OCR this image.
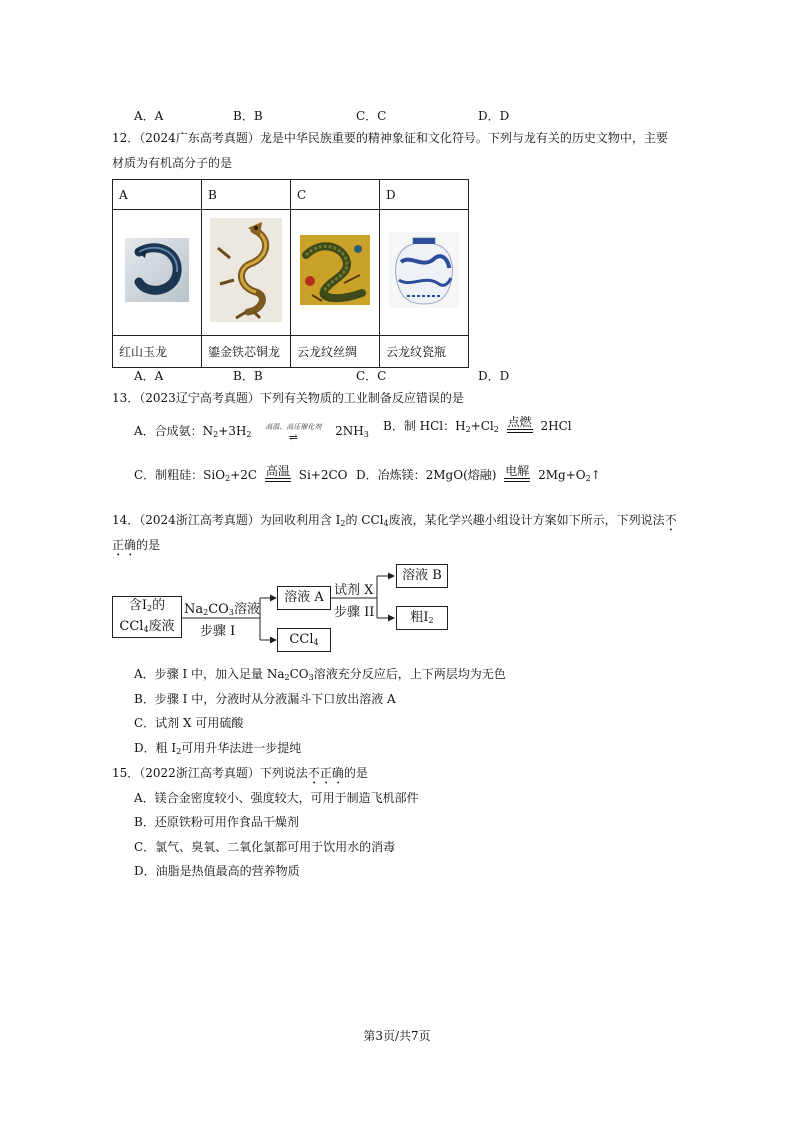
A．A	B．B	C．C	D．D
12．（2024广东高考真题）龙是中华民族重要的精神象征和文化符号。下列与龙有关的历史文物中，主要
材质为有机高分子的是
A	B	C	D

红山玉龙	鎏金铁芯铜龙	云龙纹丝绸	云龙纹瓷瓶
A．A	B．B	C．C	D．D
13．（2023辽宁高考真题）下列有关物质的工业制备反应错误的是
A．合成氨：$N_2+3H_2$
高温、高压催化剂
⇌	$2NH_3$
B．制 HCl：$H_2+Cl_2$
点燃 2HCl
C．制粗硅：SiO$_2$+2C 高温 Si+2CO D．冶炼镁：2MgO(熔融) 电解 $2Mg+O_2↑$
14．（2024浙江高考真题）为回收利用含 $I_2$的 CCl$_4$废液，某化学兴趣小组设计方案如下所示，下列说法不
正确的是
含$I_2$的
CCl$_4$废液
$Na_2CO_3$溶液
步骤 I
溶液 A
CCl$_4$
试剂 X
步骤 II
溶液 B
粗$I_2$
A．步骤 I 中，加入足量 $Na_2CO_3$溶液充分反应后，上下两层均为无色
B．步骤 I 中，分液时从分液漏斗下口放出溶液 A
C．试剂 X 可用硫酸
D．粗 $I_2$可用升华法进一步提纯
15．（2022浙江高考真题）下列说法不正确的是
A．镁合金密度较小、强度较大，可用于制造飞机部件
B．还原铁粉可用作食品干燥剂
C．氯气、臭氧、二氧化氯都可用于饮用水的消毒
D．油脂是热值最高的营养物质
第3页/共7页
